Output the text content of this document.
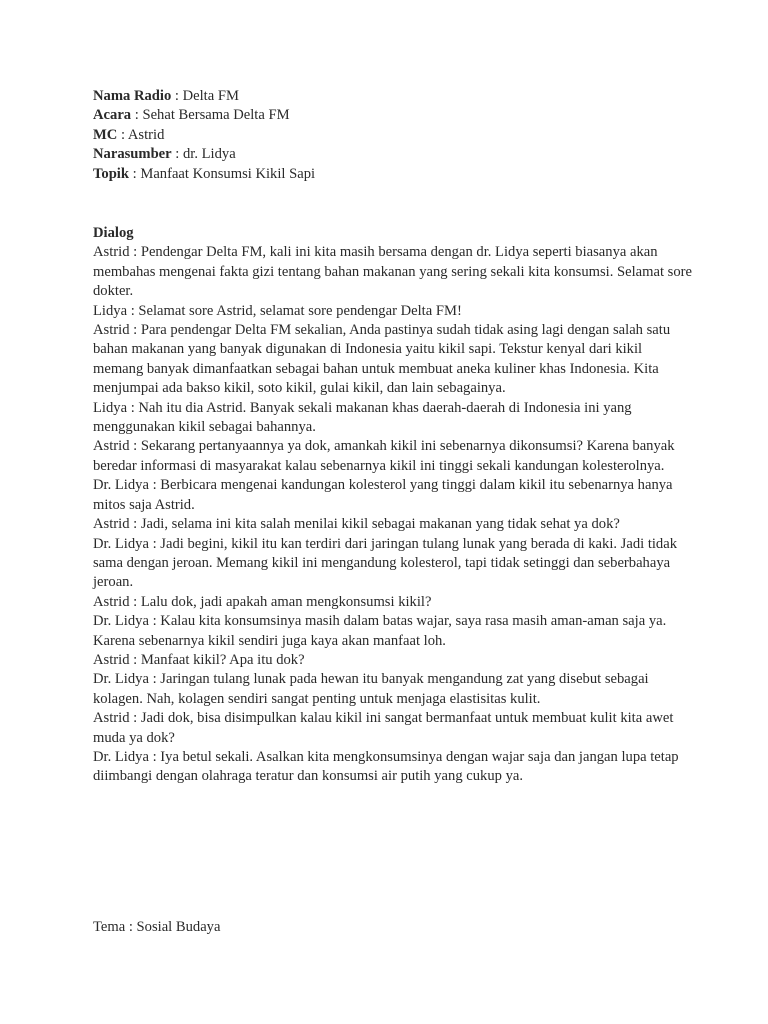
Nama Radio : Delta FM
Acara : Sehat Bersama Delta FM
MC : Astrid
Narasumber : dr. Lidya
Topik : Manfaat Konsumsi Kikil Sapi
Dialog
Astrid : Pendengar Delta FM, kali ini kita masih bersama dengan dr. Lidya seperti biasanya akan membahas mengenai fakta gizi tentang bahan makanan yang sering sekali kita konsumsi. Selamat sore dokter.
Lidya : Selamat sore Astrid, selamat sore pendengar Delta FM!
Astrid : Para pendengar Delta FM sekalian, Anda pastinya sudah tidak asing lagi dengan salah satu bahan makanan yang banyak digunakan di Indonesia yaitu kikil sapi. Tekstur kenyal dari kikil memang banyak dimanfaatkan sebagai bahan untuk membuat aneka kuliner khas Indonesia. Kita menjumpai ada bakso kikil, soto kikil, gulai kikil, dan lain sebagainya.
Lidya : Nah itu dia Astrid. Banyak sekali makanan khas daerah-daerah di Indonesia ini yang menggunakan kikil sebagai bahannya.
Astrid : Sekarang pertanyaannya ya dok, amankah kikil ini sebenarnya dikonsumsi? Karena banyak beredar informasi di masyarakat kalau sebenarnya kikil ini tinggi sekali kandungan kolesterolnya.
Dr. Lidya : Berbicara mengenai kandungan kolesterol yang tinggi dalam kikil itu sebenarnya hanya mitos saja Astrid.
Astrid : Jadi, selama ini kita salah menilai kikil sebagai makanan yang tidak sehat ya dok?
Dr. Lidya : Jadi begini, kikil itu kan terdiri dari jaringan tulang lunak yang berada di kaki. Jadi tidak sama dengan jeroan. Memang kikil ini mengandung kolesterol, tapi tidak setinggi dan seberbahaya jeroan.
Astrid : Lalu dok, jadi apakah aman mengkonsumsi kikil?
Dr. Lidya : Kalau kita konsumsinya masih dalam batas wajar, saya rasa masih aman-aman saja ya. Karena sebenarnya kikil sendiri juga kaya akan manfaat loh.
Astrid : Manfaat kikil? Apa itu dok?
Dr. Lidya : Jaringan tulang lunak pada hewan itu banyak mengandung zat yang disebut sebagai kolagen. Nah, kolagen sendiri sangat penting untuk menjaga elastisitas kulit.
Astrid : Jadi dok, bisa disimpulkan kalau kikil ini sangat bermanfaat untuk membuat kulit kita awet muda ya dok?
Dr. Lidya : Iya betul sekali. Asalkan kita mengkonsumsinya dengan wajar saja dan jangan lupa tetap diimbangi dengan olahraga teratur dan konsumsi air putih yang cukup ya.
Tema : Sosial Budaya
